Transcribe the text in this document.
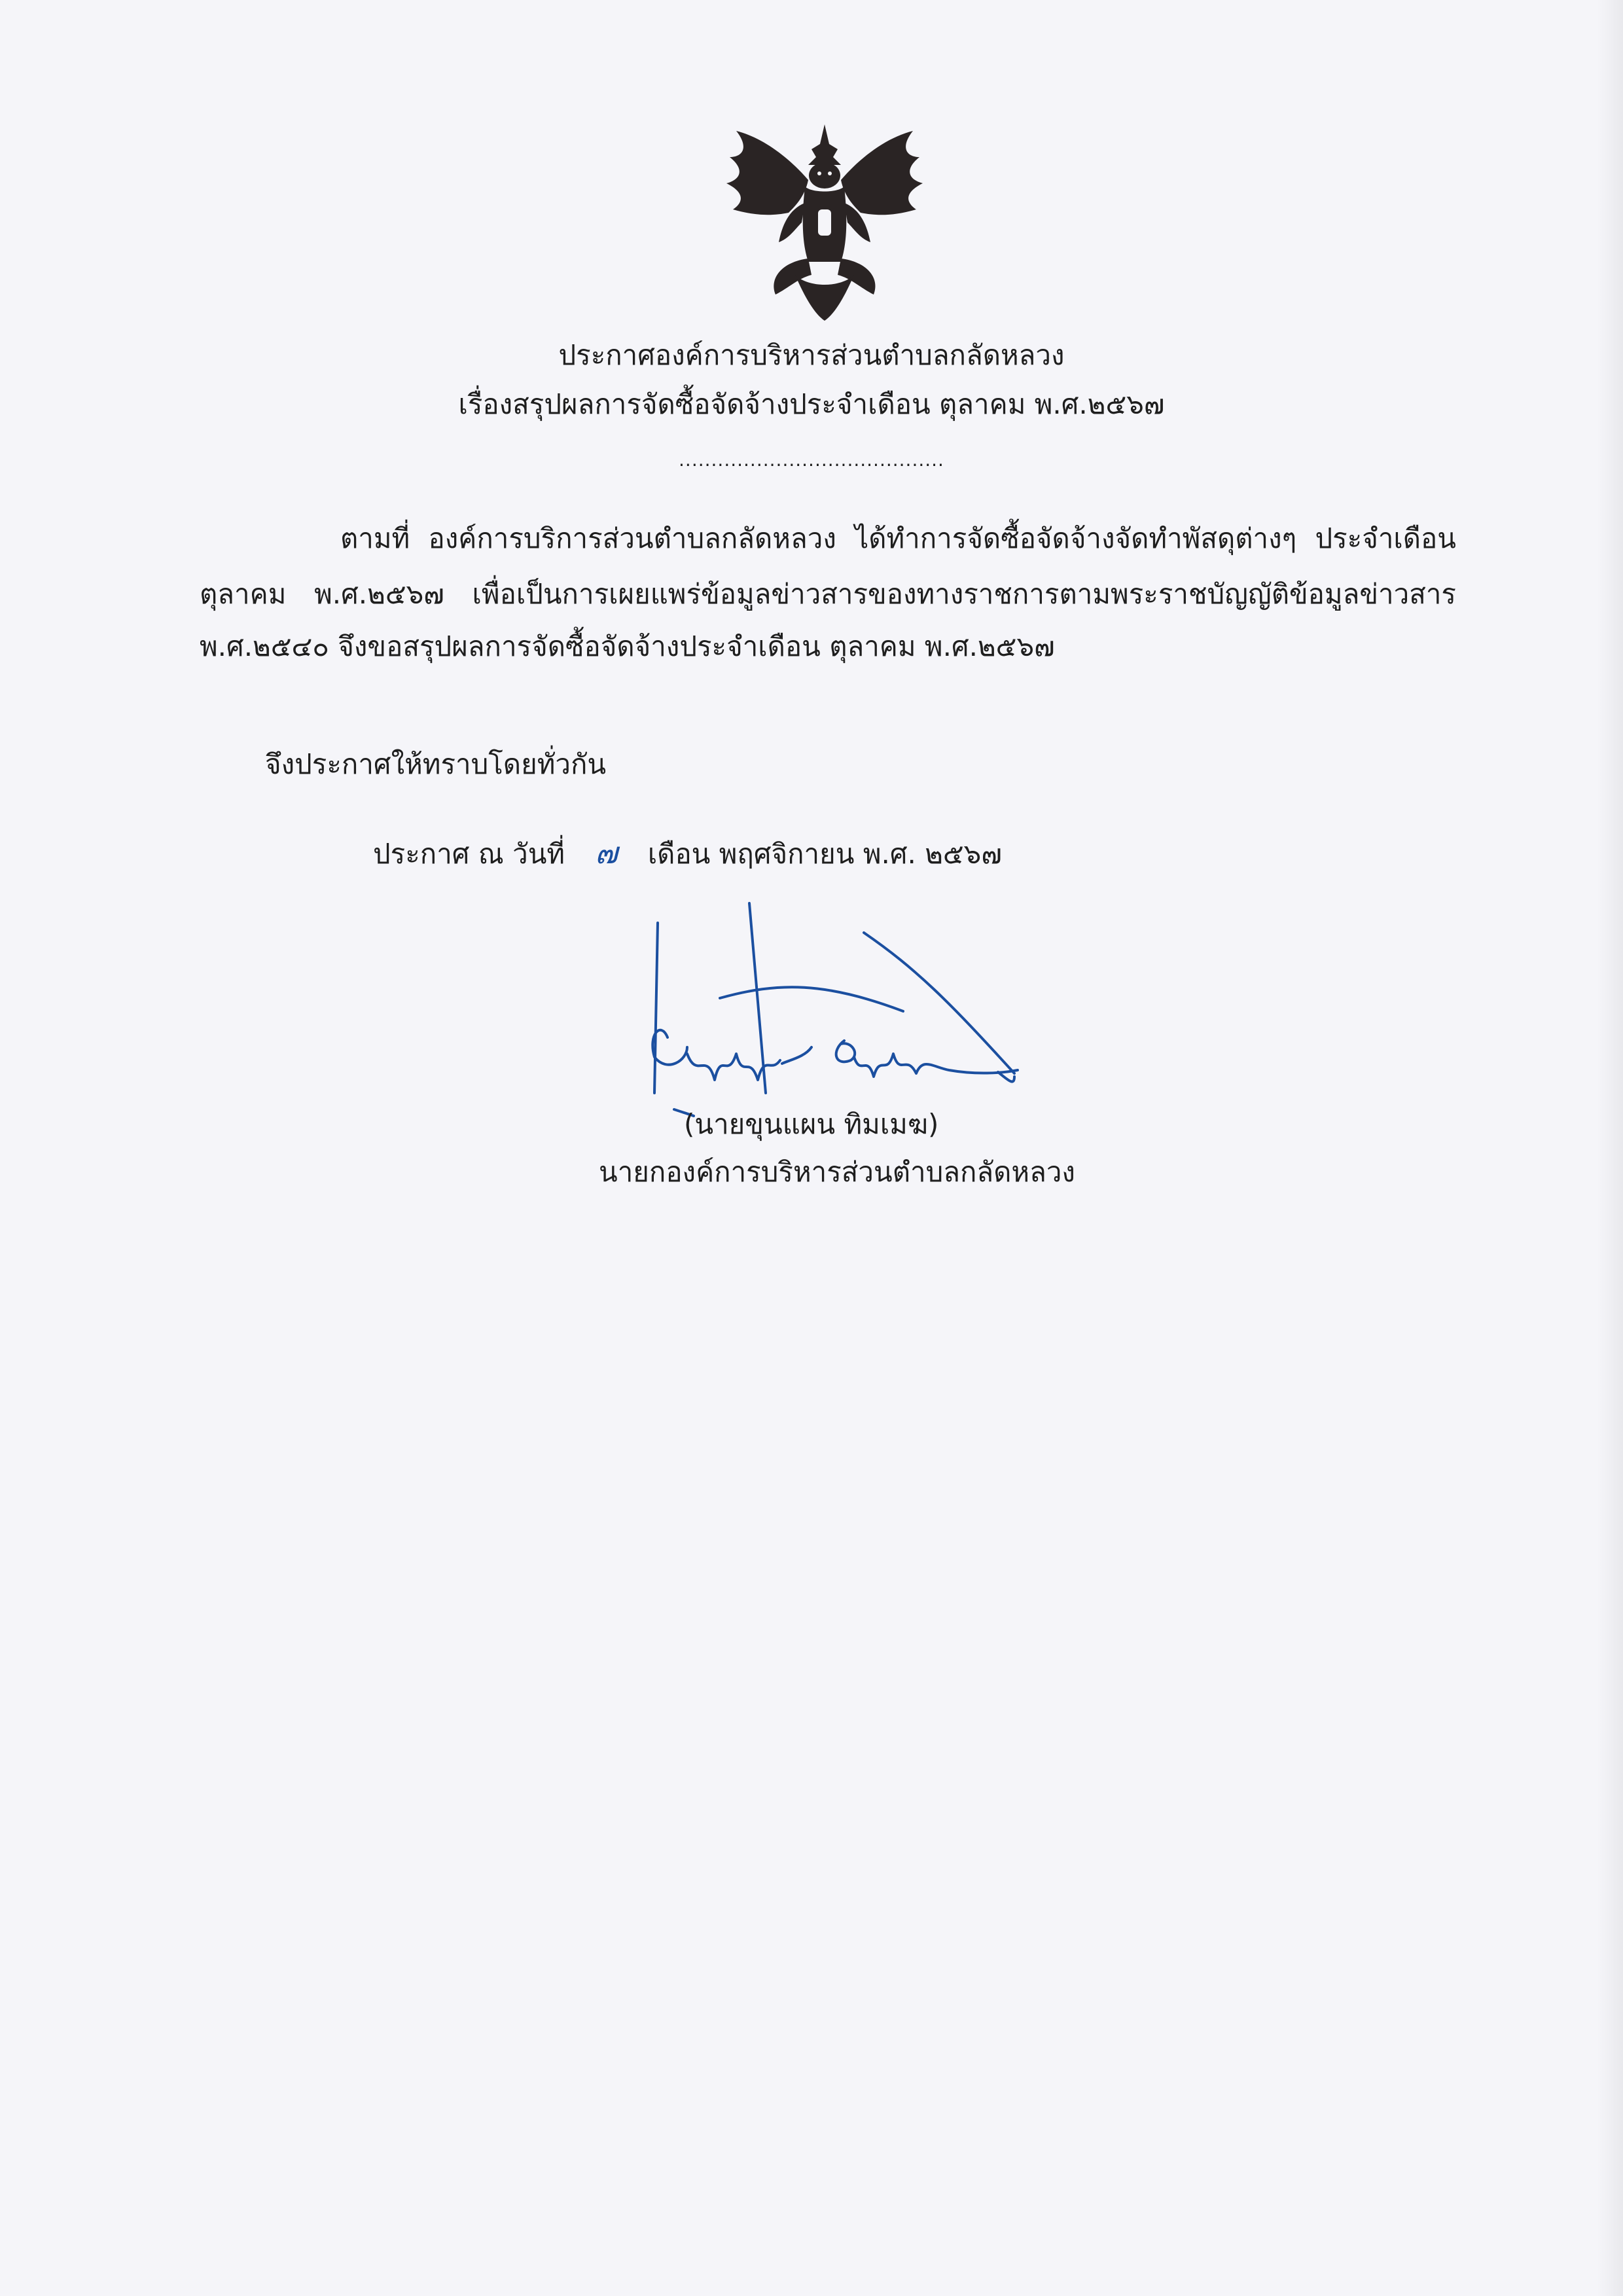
ประกาศองค์การบริหารส่วนตำบลกลัดหลวง
เรื่องสรุปผลการจัดซื้อจัดจ้างประจำเดือน ตุลาคม พ.ศ.๒๕๖๗
.........................................
ตามที่ องค์การบริการส่วนตำบลกลัดหลวง ได้ทำการจัดซื้อจัดจ้างจัดทำพัสดุต่างๆ ประจำเดือน
ตุลาคม พ.ศ.๒๕๖๗ เพื่อเป็นการเผยแพร่ข้อมูลข่าวสารของทางราชการตามพระราชบัญญัติข้อมูลข่าวสาร
พ.ศ.๒๕๔๐ จึงขอสรุปผลการจัดซื้อจัดจ้างประจำเดือน ตุลาคม พ.ศ.๒๕๖๗
จึงประกาศให้ทราบโดยทั่วกัน
ประกาศ ณ วันที่ ๗ เดือน พฤศจิกายน พ.ศ. ๒๕๖๗
(นายขุนแผน ทิมเมฆ)
นายกองค์การบริหารส่วนตำบลกลัดหลวง
